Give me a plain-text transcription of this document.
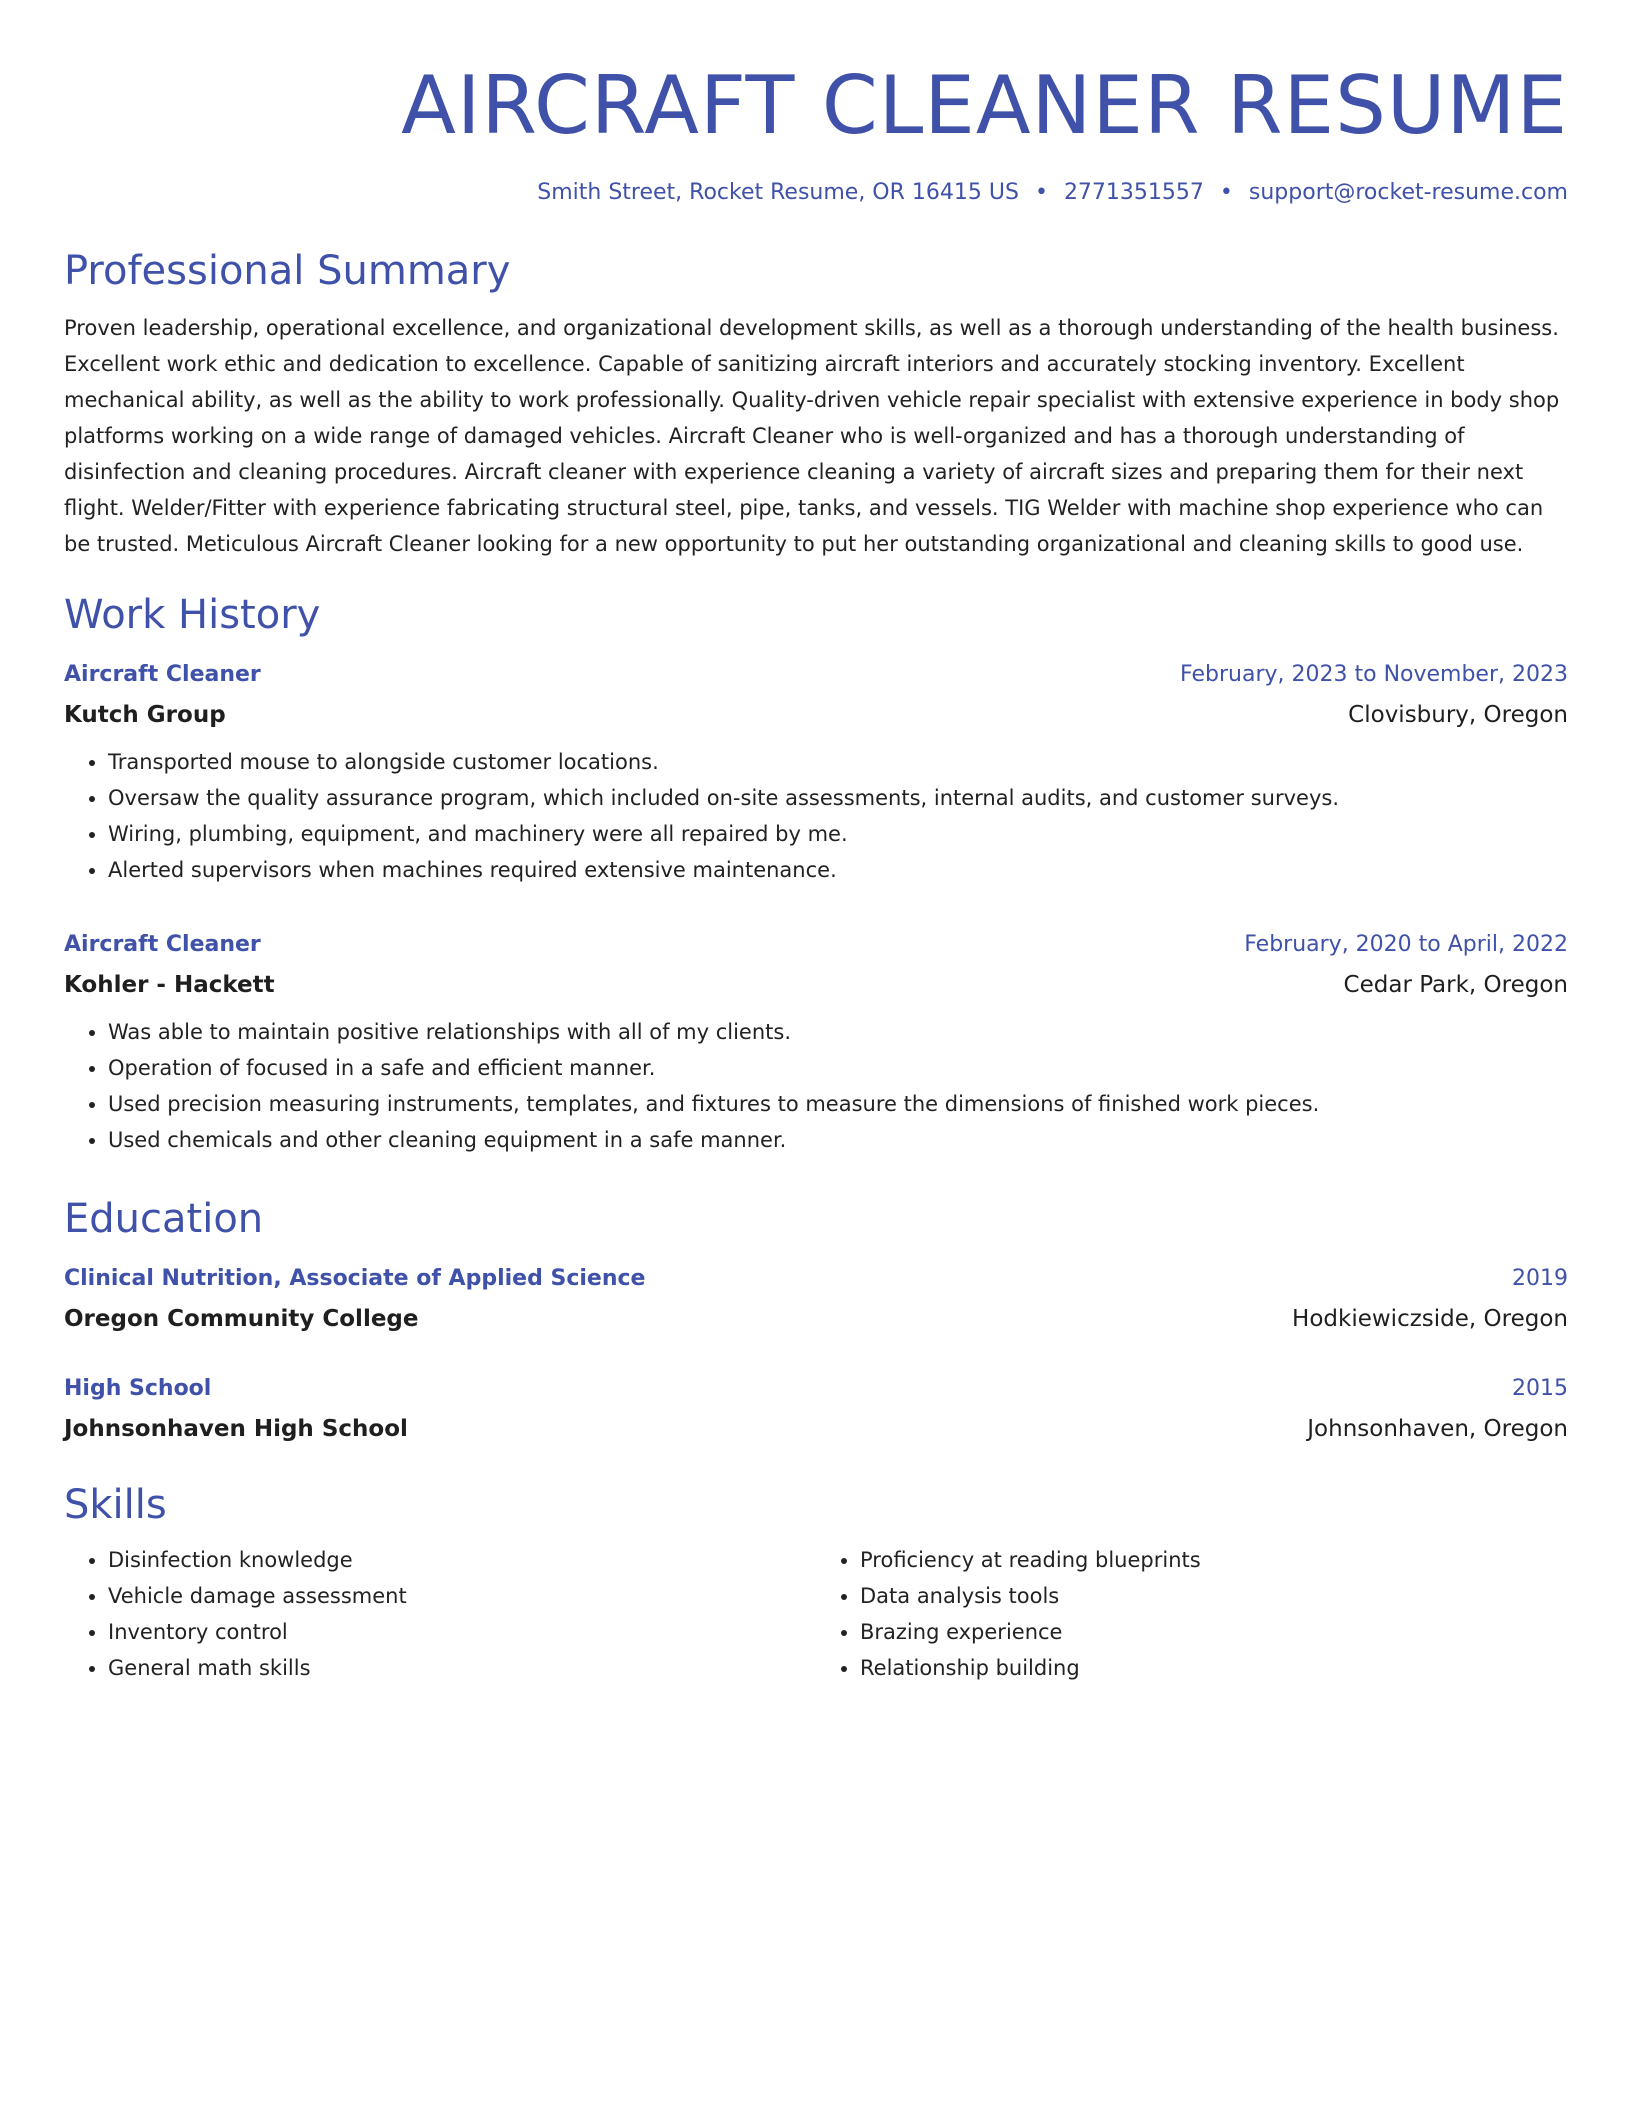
AIRCRAFT CLEANER RESUME
Smith Street, Rocket Resume, OR 16415 US • 2771351557 • support@rocket-resume.com
Professional Summary

Proven leadership, operational excellence, and organizational development skills, as well as a thorough understanding of the health business. Excellent work ethic and dedication to excellence. Capable of sanitizing aircraft interiors and accurately stocking inventory. Excellent mechanical ability, as well as the ability to work professionally. Quality-driven vehicle repair specialist with extensive experience in body shop platforms working on a wide range of damaged vehicles. Aircraft Cleaner who is well-organized and has a thorough understanding of disinfection and cleaning procedures. Aircraft cleaner with experience cleaning a variety of aircraft sizes and preparing them for their next flight. Welder/Fitter with experience fabricating structural steel, pipe, tanks, and vessels. TIG Welder with machine shop experience who can be trusted. Meticulous Aircraft Cleaner looking for a new opportunity to put her outstanding organizational and cleaning skills to good use.

Work History
Aircraft Cleaner	February, 2023 to November, 2023
Kutch Group	Clovisbury, Oregon
• Transported mouse to alongside customer locations.
• Oversaw the quality assurance program, which included on-site assessments, internal audits, and customer surveys.
• Wiring, plumbing, equipment, and machinery were all repaired by me.
• Alerted supervisors when machines required extensive maintenance.
Aircraft Cleaner	February, 2020 to April, 2022
Kohler - Hackett	Cedar Park, Oregon
• Was able to maintain positive relationships with all of my clients.
• Operation of focused in a safe and efficient manner.
• Used precision measuring instruments, templates, and fixtures to measure the dimensions of finished work pieces.
• Used chemicals and other cleaning equipment in a safe manner.
Education
Clinical Nutrition, Associate of Applied Science	2019
Oregon Community College	Hodkiewiczside, Oregon
High School	2015
Johnsonhaven High School	Johnsonhaven, Oregon
Skills
• Disinfection knowledge
• Vehicle damage assessment
• Inventory control
• General math skills
• Proficiency at reading blueprints
• Data analysis tools
• Brazing experience
• Relationship building
